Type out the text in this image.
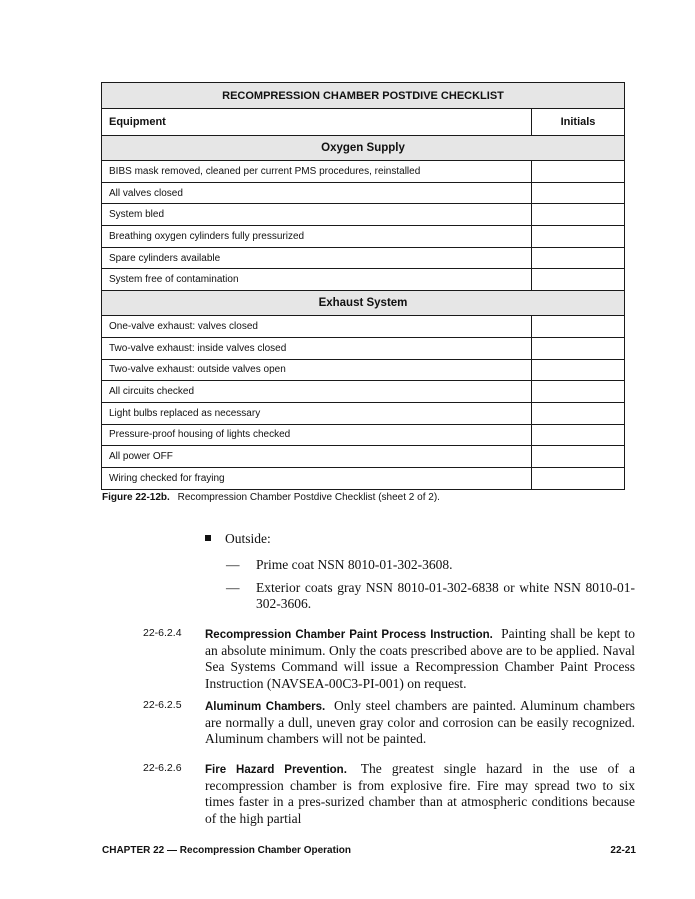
RECOMPRESSION CHAMBER POSTDIVE CHECKLIST	
Equipment	Initials
Oxygen Supply	
BIBS mask removed, cleaned per current PMS procedures, reinstalled	
All valves closed	
System bled	
Breathing oxygen cylinders fully pressurized	
Spare cylinders available	
System free of contamination	
Exhaust System	
One-valve exhaust: valves closed	
Two-valve exhaust: inside valves closed	
Two-valve exhaust: outside valves open	
All circuits checked	
Light bulbs replaced as necessary	
Pressure-proof housing of lights checked	
All power OFF	
Wiring checked for fraying	
Figure 22-12b. Recompression Chamber Postdive Checklist (sheet 2 of 2).
Outside:
— Prime coat NSN 8010-01-302-3608.
— Exterior coats gray NSN 8010-01-302-6838 or white NSN 8010-01-302-3606.
22-6.2.4 Recompression Chamber Paint Process Instruction. Painting shall be kept to an absolute minimum. Only the coats prescribed above are to be applied. Naval Sea Systems Command will issue a Recompression Chamber Paint Process Instruction (NAVSEA-00C3-PI-001) on request.
22-6.2.5 Aluminum Chambers. Only steel chambers are painted. Aluminum chambers are normally a dull, uneven gray color and corrosion can be easily recognized. Aluminum chambers will not be painted.
22-6.2.6 Fire Hazard Prevention. The greatest single hazard in the use of a recompression chamber is from explosive fire. Fire may spread two to six times faster in a pres-surized chamber than at atmospheric conditions because of the high partial
CHAPTER 22 — Recompression Chamber Operation	22-21
